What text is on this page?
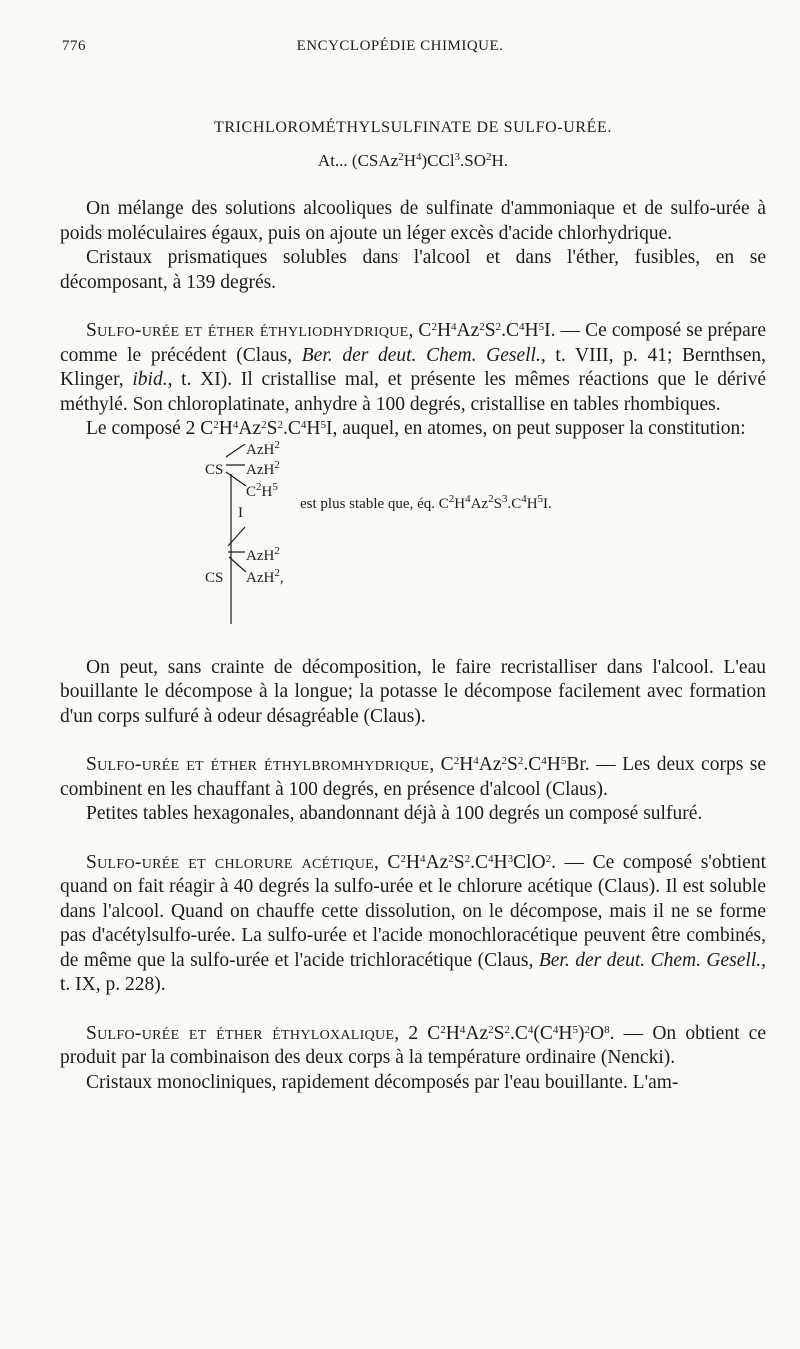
776	ENCYCLOPÉDIE CHIMIQUE.

TRICHLOROMÉTHYLSULFINATE DE SULFO-URÉE.

At... $(CSAz^2H^4)CCl^3.SO^2H$.

On mélange des solutions alcooliques de sulfinate d'ammoniaque et de sulfo-urée à poids moléculaires égaux, puis on ajoute un léger excès d'acide chlorhydrique.

Cristaux prismatiques solubles dans l'alcool et dans l'éther, fusibles, en se décomposant, à 139 degrés.

Sulfo-urée et éther éthyliodhydrique, $C^2H^4Az^2S^2.C^4H^5I$. — Ce composé se prépare comme le précédent (Claus, Ber. der deut. Chem. Gesell., t. VIII, p. 41; Bernthsen, Klinger, ibid., t. XI). Il cristallise mal, et présente les mêmes réactions que le dérivé méthylé. Son chloroplatinate, anhydre à 100 degrés, cristallise en tables rhombiques.

Le composé 2 $C^2H^4Az^2S^2.C^4H^5I$, auquel, en atomes, on peut supposer la constitution:

AzH$^2$
CS AzH$^2$
$C^2H^5$
I
est plus stable que, éq. $C^2H^4Az^2S^3.C^4H^5I$.
AzH$^2$
CS AzH$^2$,

On peut, sans crainte de décomposition, le faire recristalliser dans l'alcool. L'eau bouillante le décompose à la longue; la potasse le décompose facilement avec formation d'un corps sulfuré à odeur désagréable (Claus).

Sulfo-urée et éther éthylbromhydrique, $C^2H^4Az^2S^2.C^4H^5Br$. — Les deux corps se combinent en les chauffant à 100 degrés, en présence d'alcool (Claus).

Petites tables hexagonales, abandonnant déjà à 100 degrés un composé sulfuré.

Sulfo-urée et chlorure acétique, $C^2H^4Az^2S^2.C^4H^3ClO^2$. — Ce composé s'obtient quand on fait réagir à 40 degrés la sulfo-urée et le chlorure acétique (Claus). Il est soluble dans l'alcool. Quand on chauffe cette dissolution, on le décompose, mais il ne se forme pas d'acétylsulfo-urée. La sulfo-urée et l'acide monochloracétique peuvent être combinés, de même que la sulfo-urée et l'acide trichloracétique (Claus, Ber. der deut. Chem. Gesell., t. IX, p. 228).

Sulfo-urée et éther éthyloxalique, 2 $C^2H^4Az^2S^2.C^4(C^4H^5)^2O^8$. — On obtient ce produit par la combinaison des deux corps à la température ordinaire (Nencki).

Cristaux monocliniques, rapidement décomposés par l'eau bouillante. L'am-
